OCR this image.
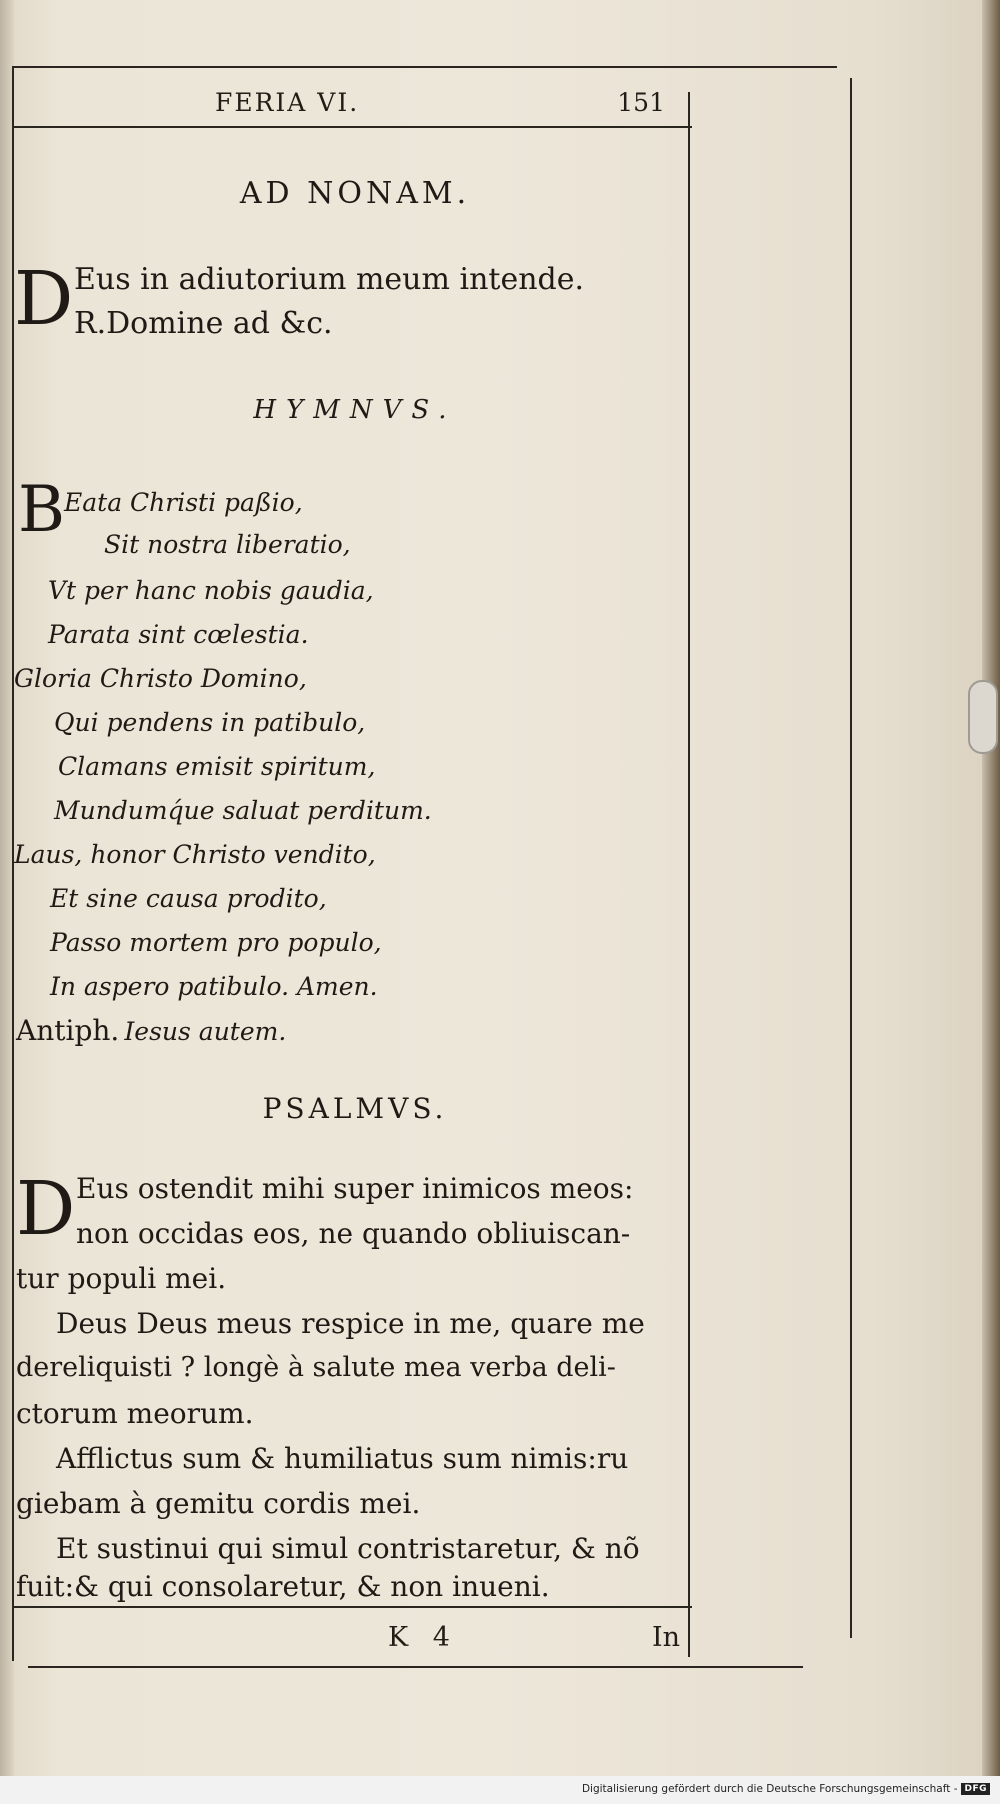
FERIA VI.	151
AD NONAM.
D Eus in adiutorium meum intende.
R.Domine ad &c.
HYMNVS.
B
Eata Christi paßio,
Sit nostra liberatio,
Vt per hanc nobis gaudia,
Parata sint cœlestia.
Gloria Christo Domino,
Qui pendens in patibulo,
Clamans emisit spiritum,
Mundumq́ue saluat perditum.
Laus, honor Christo vendito,
Et sine causa prodito,
Passo mortem pro populo,
In aspero patibulo. Amen.
Antiph. Iesus autem.
PSALMVS.
D Eus ostendit mihi super inimicos meos:
non occidas eos, ne quando obliuiscan-
tur populi mei.
Deus Deus meus respice in me, quare me
dereliquisti ? longè à salute mea verba deli-
ctorum meorum.
Afflictus sum & humiliatus sum nimis:ru
giebam à gemitu cordis mei.
Et sustinui qui simul contristaretur, & nõ
fuit:& qui consolaretur, & non inueni.
K 4	In
Digitalisierung gefördert durch die Deutsche Forschungsgemeinschaft - DFG
